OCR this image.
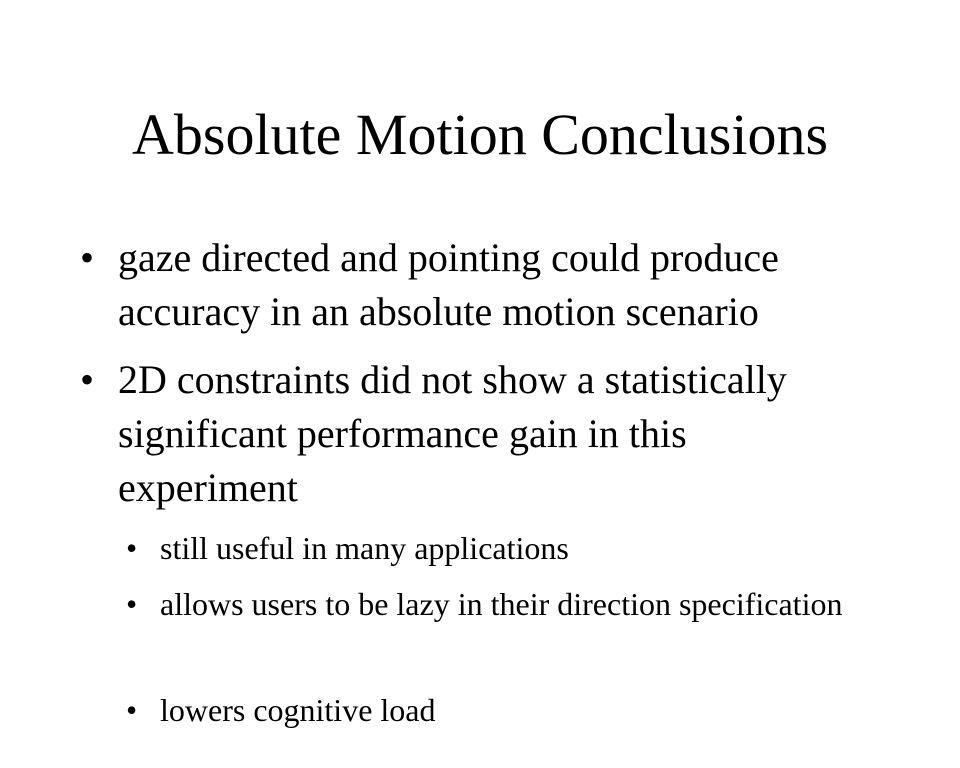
Absolute Motion Conclusions
• gaze directed and pointing could produce accuracy in an absolute motion scenario
• 2D constraints did not show a statistically significant performance gain in this experiment
• still useful in many applications
• allows users to be lazy in their direction specification
• lowers cognitive load
